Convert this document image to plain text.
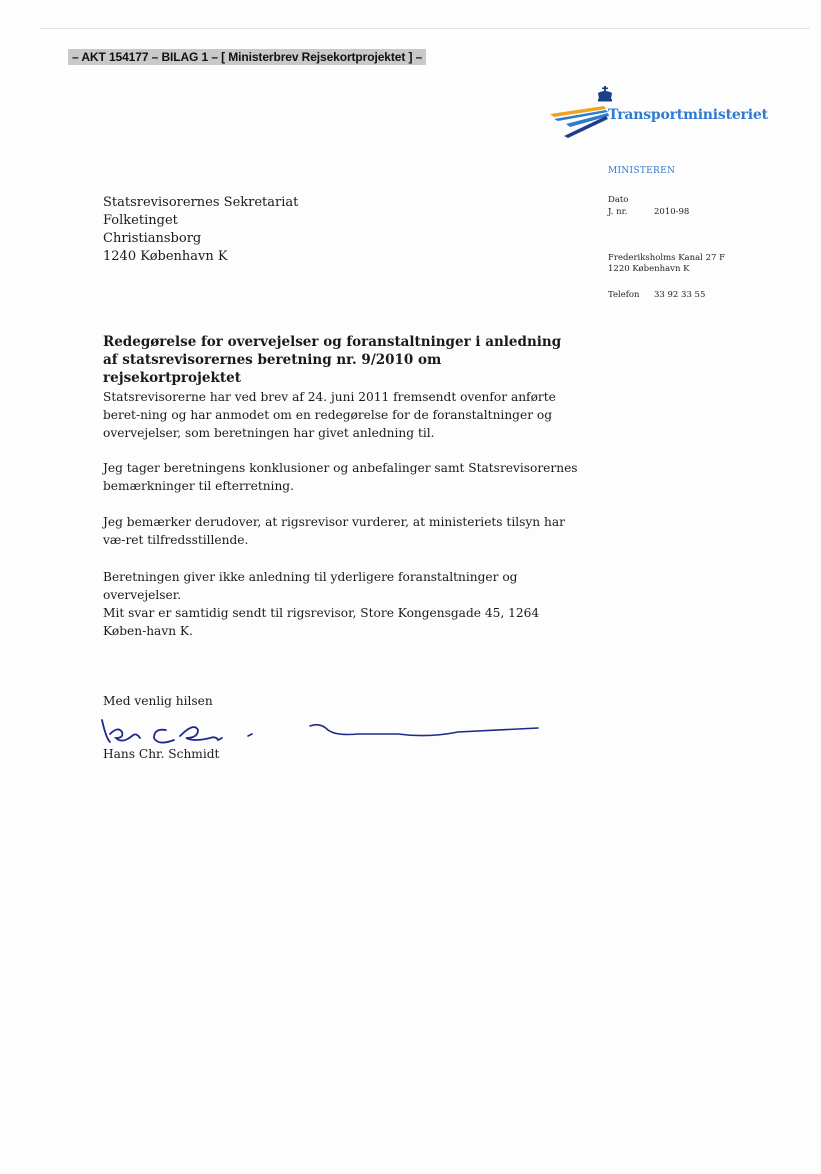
– AKT 154177 – BILAG 1 – [ Ministerbrev Rejsekortprojektet ] –
Transportministeriet
MINISTEREN
Dato
J. nr.	2010-98
Frederiksholms Kanal 27 F
1220 København K
Telefon 33 92 33 55
Statsrevisorernes Sekretariat
Folketinget
Christiansborg
1240 København K
Redegørelse for overvejelser og foranstaltninger i anledning af statsrevisorernes beretning nr. 9/2010 om rejsekortprojektet
Statsrevisorerne har ved brev af 24. juni 2011 fremsendt ovenfor anførte beret-ning og har anmodet om en redegørelse for de foranstaltninger og overvejelser, som beretningen har givet anledning til.
Jeg tager beretningens konklusioner og anbefalinger samt Statsrevisorernes bemærkninger til efterretning.
Jeg bemærker derudover, at rigsrevisor vurderer, at ministeriets tilsyn har væ-ret tilfredsstillende.
Beretningen giver ikke anledning til yderligere foranstaltninger og overvejelser.
Mit svar er samtidig sendt til rigsrevisor, Store Kongensgade 45, 1264 Køben-havn K.
Med venlig hilsen
Hans Chr. Schmidt
